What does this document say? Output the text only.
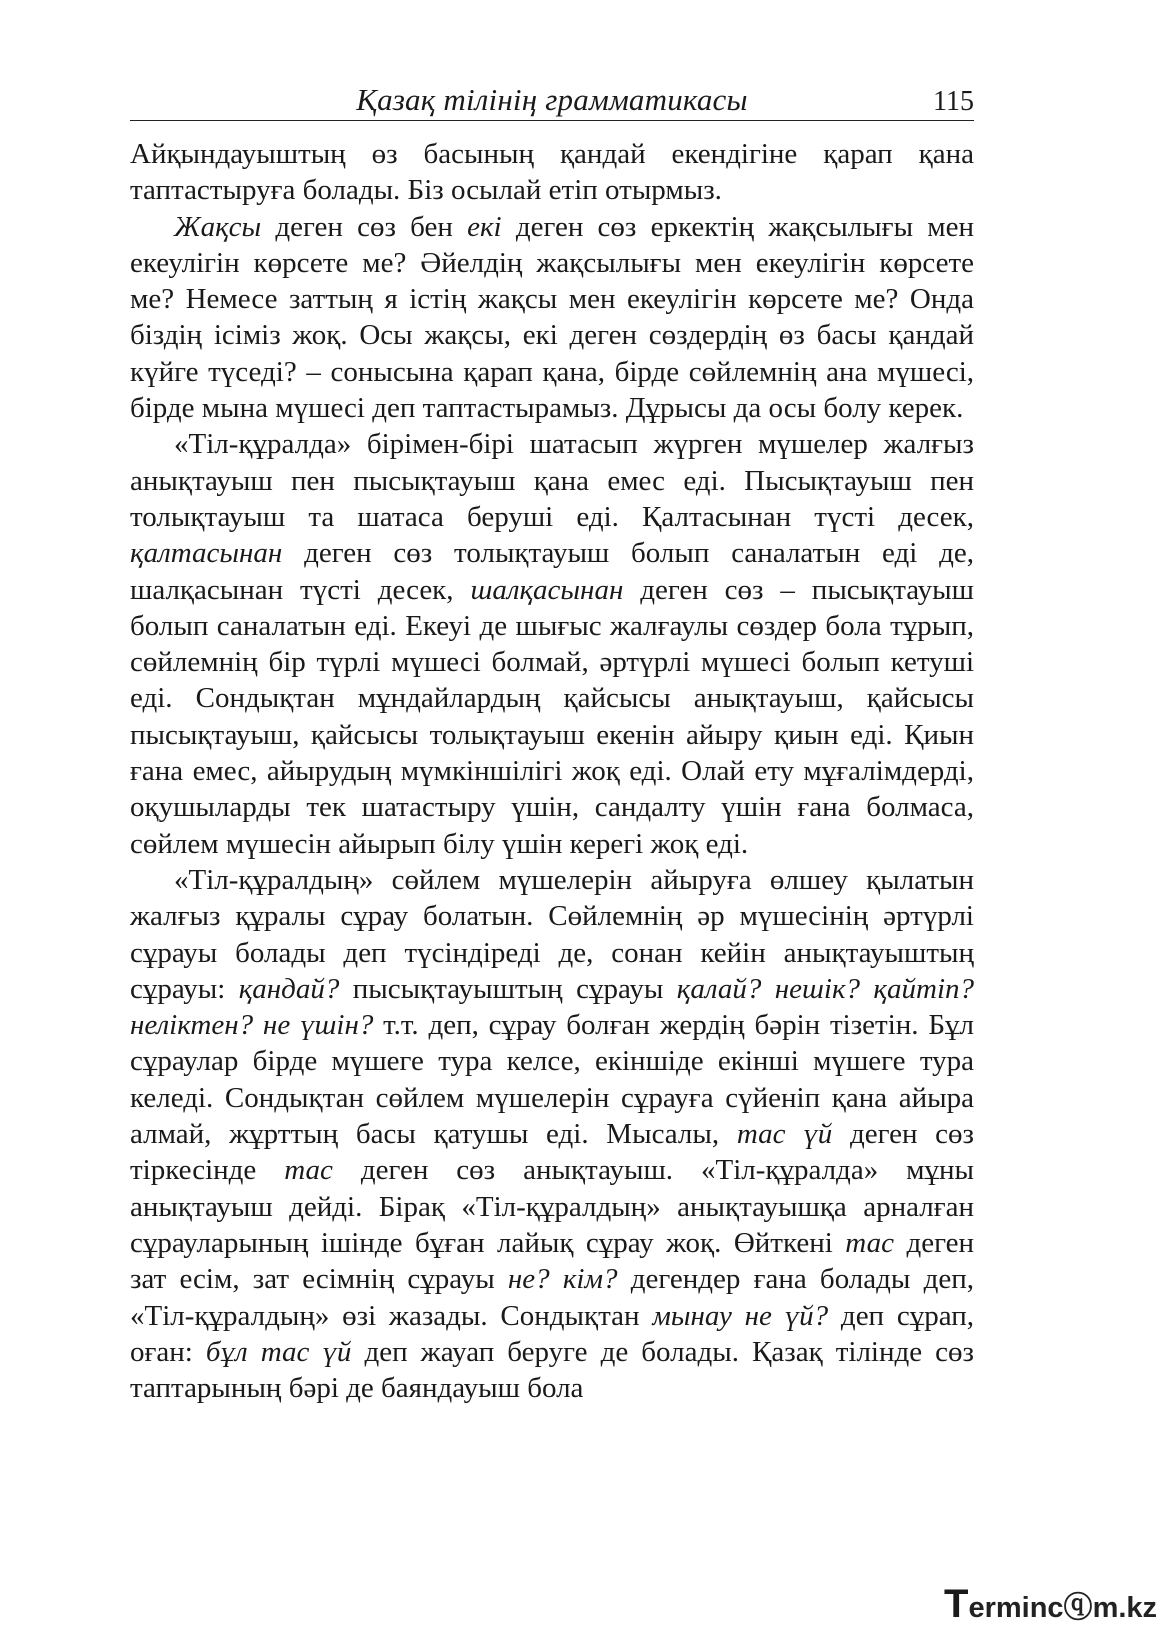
Қазақ тілінің грамматикасы	115

Айқындауыштың өз басының қандай екендігіне қарап қана таптастыруға болады. Біз осылай етіп отырмыз.

Жақсы деген сөз бен екі деген сөз еркектің жақсылығы мен екеулігін көрсете ме? Әйелдің жақсылығы мен екеулігін көрсете ме? Немесе заттың я істің жақсы мен екеулігін көрсете ме? Онда біздің ісіміз жоқ. Осы жақсы, екі деген сөздердің өз басы қандай күйге түседі? – сонысына қарап қана, бірде сөйлемнің ана мүшесі, бірде мына мүшесі деп таптастырамыз. Дұрысы да осы болу керек.

«Тіл-құралда» бірімен-бірі шатасып жүрген мүшелер жалғыз анықтауыш пен пысықтауыш қана емес еді. Пысықтауыш пен толықтауыш та шатаса беруші еді. Қалтасынан түсті десек, қалтасынан деген сөз толықтауыш болып саналатын еді де, шалқасынан түсті десек, шалқасынан деген сөз – пысықтауыш болып саналатын еді. Екеуі де шығыс жалғаулы сөздер бола тұрып, сөйлемнің бір түрлі мүшесі болмай, әртүрлі мүшесі болып кетуші еді. Сондықтан мұндайлардың қайсысы анықтауыш, қайсысы пысықтауыш, қайсысы толықтауыш екенін айыру қиын еді. Қиын ғана емес, айырудың мүмкіншілігі жоқ еді. Олай ету мұғалімдерді, оқушыларды тек шатастыру үшін, сандалту үшін ғана болмаса, сөйлем мүшесін айырып білу үшін керегі жоқ еді.

«Тіл-құралдың» сөйлем мүшелерін айыруға өлшеу қылатын жалғыз құралы сұрау болатын. Сөйлемнің әр мүшесінің әртүрлі сұрауы болады деп түсіндіреді де, сонан кейін анықтауыштың сұрауы: қандай? пысықтауыштың сұрауы қалай? нешік? қайтіп? неліктен? не үшін? т.т. деп, сұрау болған жердің бәрін тізетін. Бұл сұраулар бірде мүшеге тура келсе, екіншіде екінші мүшеге тура келеді. Сондықтан сөйлем мүшелерін сұрауға сүйеніп қана айыра алмай, жұрттың басы қатушы еді. Мысалы, тас үй деген сөз тіркесінде тас деген сөз анықтауыш. «Тіл-құралда» мұны анықтауыш дейді. Бірақ «Тіл-құралдың» анықтауышқа арналған сұрауларының ішінде бұған лайық сұрау жоқ. Өйткені тас деген зат есім, зат есімнің сұрауы не? кім? дегендер ғана болады деп, «Тіл-құралдың» өзі жазады. Сондықтан мынау не үй? деп сұрап, оған: бұл тас үй деп жауап беруге де болады. Қазақ тілінде сөз таптарының бәрі де баяндауыш бола

Termincⓠm.kz
